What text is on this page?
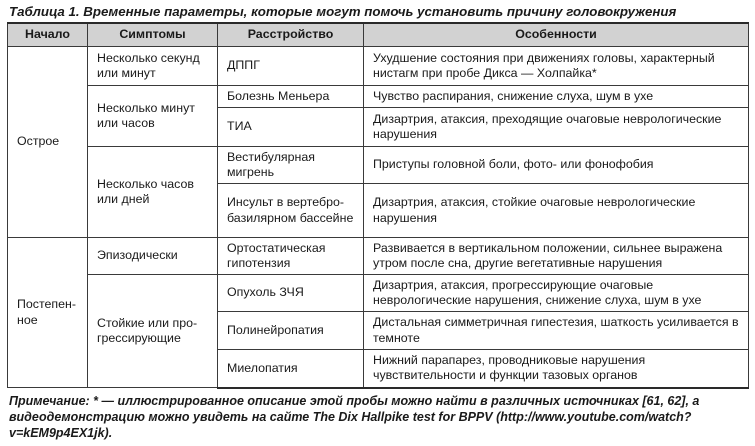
Таблица 1. Временные параметры, которые могут помочь установить причину головокружения
Начало	Симптомы	Расстройство	Особенности
Острое	Несколько секунд или минут	ДППГ	Ухудшение состояния при движениях головы, характерный нистагм при пробе Дикса — Холпайка*
	Несколько минут или часов	Болезнь Меньера	Чувство распирания, снижение слуха, шум в ухе
		ТИА	Дизартрия, атаксия, преходящие очаговые неврологические нарушения
	Несколько часов или дней	Вестибулярная мигрень	Приступы головной боли, фото- или фонофобия
		Инсульт в вертебро-базилярном бассейне	Дизартрия, атаксия, стойкие очаговые неврологические нарушения
Постепен-ное	Эпизодически	Ортостатическая гипотензия	Развивается в вертикальном положении, сильнее выражена утром после сна, другие вегетативные нарушения
	Стойкие или про-грессирующие	Опухоль ЗЧЯ	Дизартрия, атаксия, прогрессирующие очаговые неврологические нарушения, снижение слуха, шум в ухе
		Полинейропатия	Дистальная симметричная гипестезия, шаткость усиливается в темноте
		Миелопатия	Нижний парапарез, проводниковые нарушения чувствительности и функции тазовых органов
Примечание: * — иллюстрированное описание этой пробы можно найти в различных источниках [61, 62], а видеодемонстрацию можно увидеть на сайте The Dix Hallpike test for BPPV (http://www.youtube.com/watch?v=kEM9p4EX1jk).
